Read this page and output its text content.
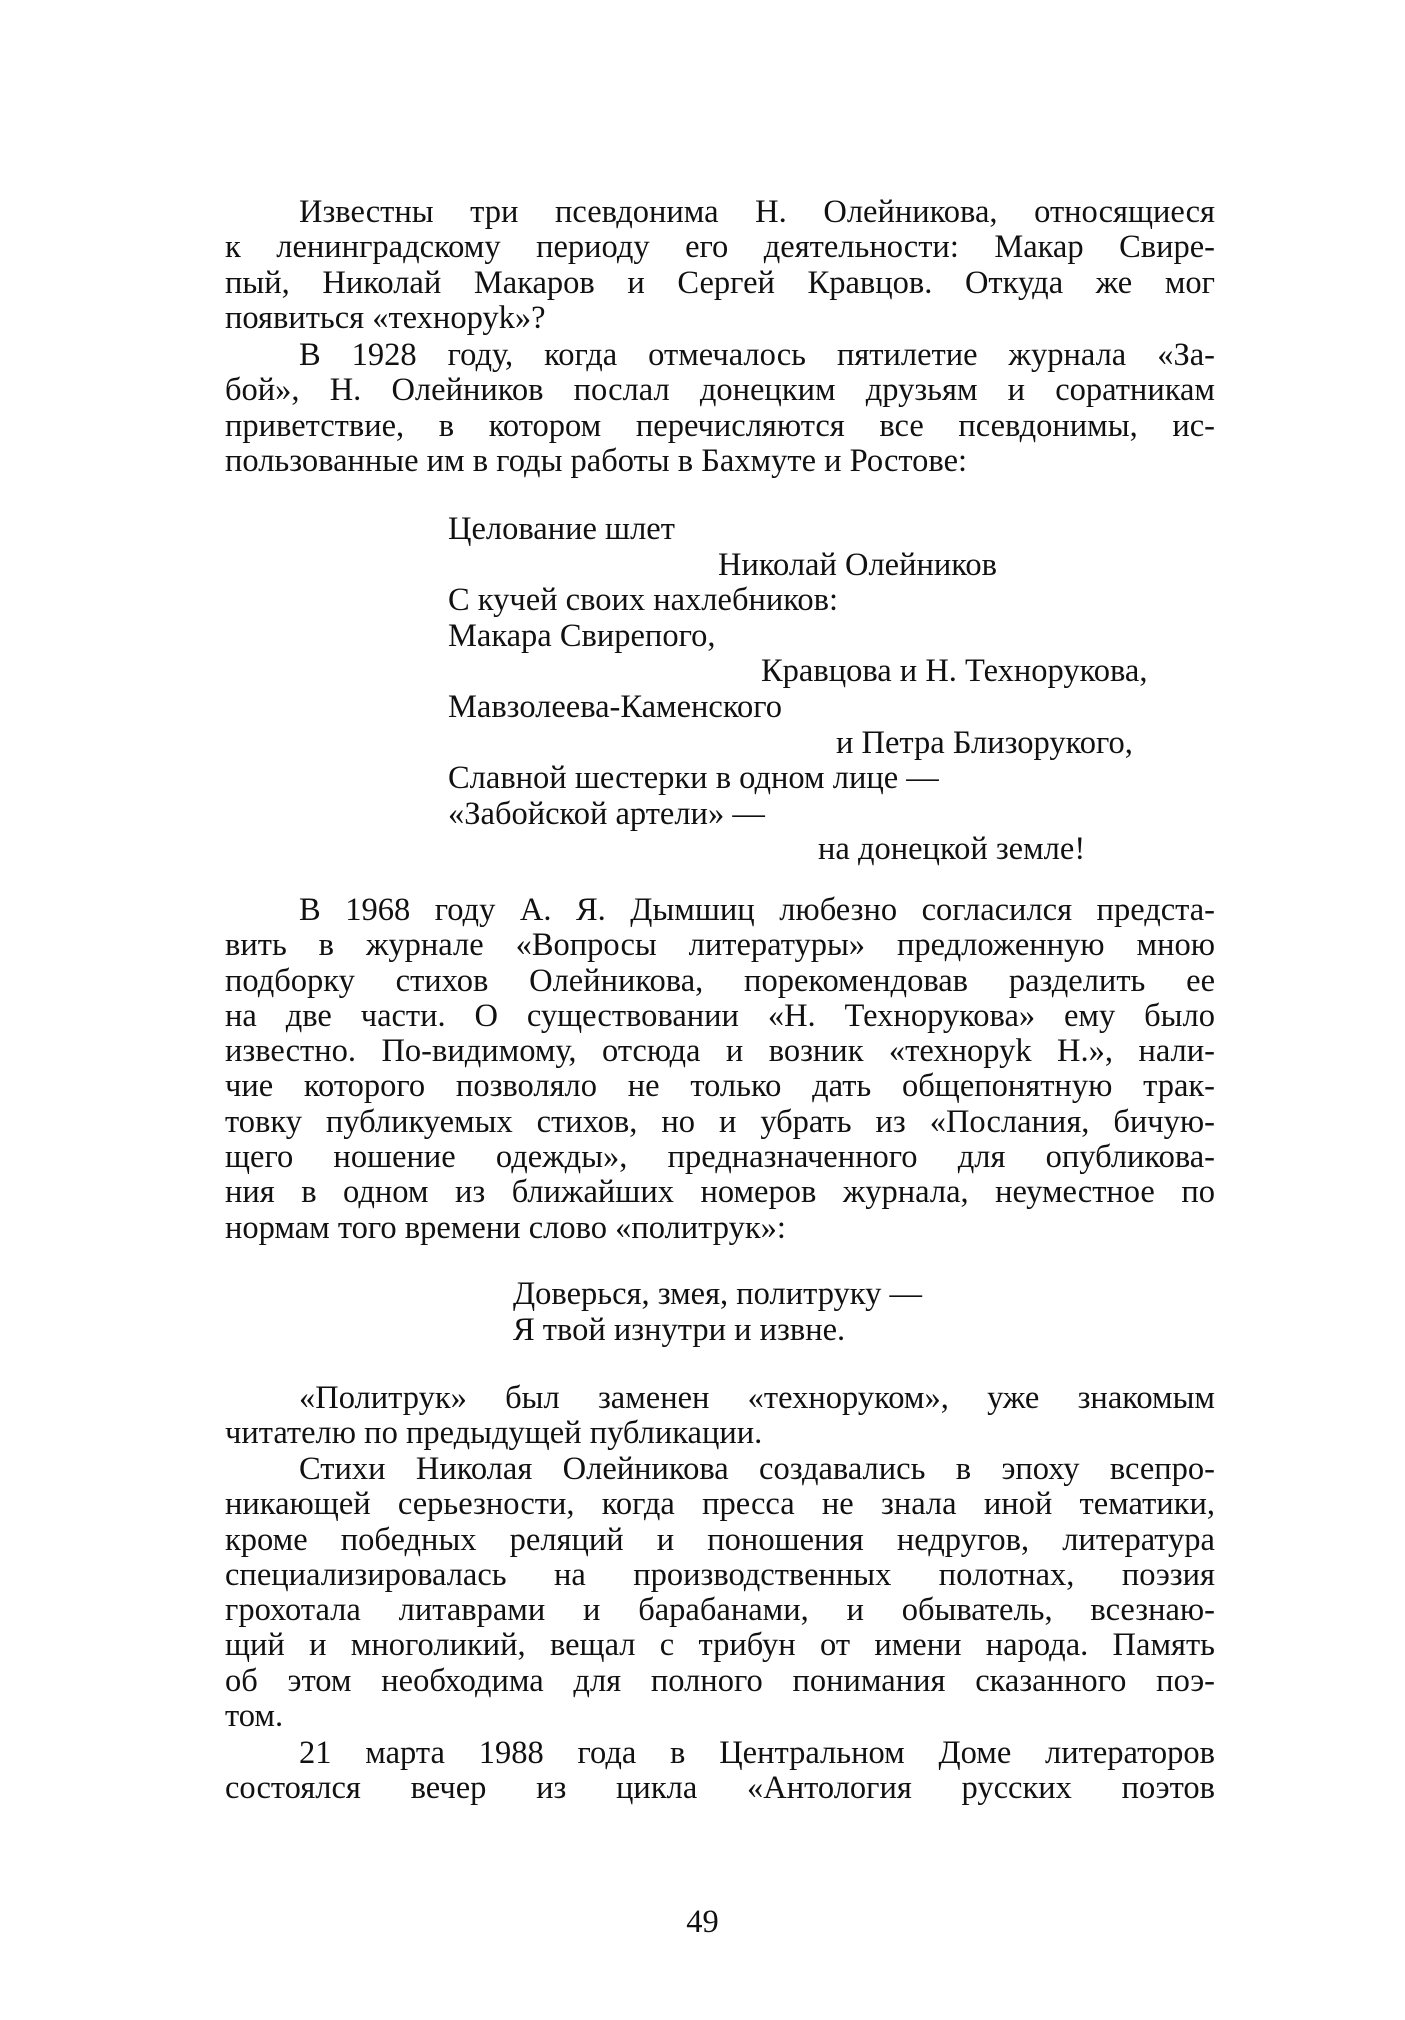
Известны три псевдонима Н. Олейникова, относящиеся
к ленинградскому периоду его деятельности: Макар Свире-
пый, Николай Макаров и Сергей Кравцов. Откуда же мог
появиться «техноруk»?
В 1928 году, когда отмечалось пятилетие журнала «За-
бой», Н. Олейников послал донецким друзьям и соратникам
приветствие, в котором перечисляются все псевдонимы, ис-
пользованные им в годы работы в Бахмуте и Ростове:
Целование шлет
Николай Олейников
С кучей своих нахлебников:
Макара Свирепого,
Кравцова и Н. Технорукова,
Мавзолеева-Каменского
и Петра Близорукого,
Славной шестерки в одном лице —
«Забойской артели» —
на донецкой земле!
В 1968 году А. Я. Дымшиц любезно согласился предста-
вить в журнале «Вопросы литературы» предложенную мною
подборку стихов Олейникова, порекомендовав разделить ее
на две части. О существовании «Н. Технорукова» ему было
известно. По-видимому, отсюда и возник «техноруk Н.», нали-
чие которого позволяло не только дать общепонятную трак-
товку публикуемых стихов, но и убрать из «Послания, бичую-
щего ношение одежды», предназначенного для опубликова-
ния в одном из ближайших номеров журнала, неуместное по
нормам того времени слово «политрук»:
Доверься, змея, политруку —
Я твой изнутри и извне.
«Политрук» был заменен «техноруком», уже знакомым
читателю по предыдущей публикации.
Стихи Николая Олейникова создавались в эпоху всепро-
никающей серьезности, когда пресса не знала иной тематики,
кроме победных реляций и поношения недругов, литература
специализировалась на производственных полотнах, поэзия
грохотала литаврами и барабанами, и обыватель, всезнаю-
щий и многоликий, вещал с трибун от имени народа. Память
об этом необходима для полного понимания сказанного поэ-
том.
21 марта 1988 года в Центральном Доме литераторов
состоялся вечер из цикла «Антология русских поэтов
49
